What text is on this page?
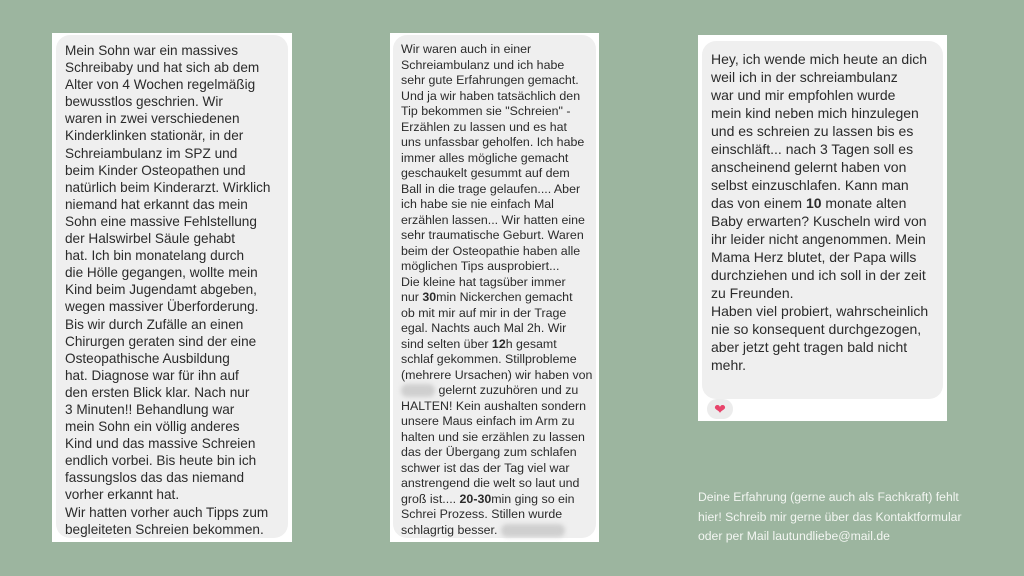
Mein Sohn war ein massives
Schreibaby und hat sich ab dem
Alter von 4 Wochen regelmäßig
bewusstlos geschrien. Wir
waren in zwei verschiedenen
Kinderklinken stationär, in der
Schreiambulanz im SPZ und
beim Kinder Osteopathen und
natürlich beim Kinderarzt. Wirklich
niemand hat erkannt das mein
Sohn eine massive Fehlstellung
der Halswirbel Säule gehabt
hat. Ich bin monatelang durch
die Hölle gegangen, wollte mein
Kind beim Jugendamt abgeben,
wegen massiver Überforderung.
Bis wir durch Zufälle an einen
Chirurgen geraten sind der eine
Osteopathische Ausbildung
hat. Diagnose war für ihn auf
den ersten Blick klar. Nach nur
3 Minuten!! Behandlung war
mein Sohn ein völlig anderes
Kind und das massive Schreien
endlich vorbei. Bis heute bin ich
fassungslos das das niemand
vorher erkannt hat.
Wir hatten vorher auch Tipps zum
begleiteten Schreien bekommen.
Wir waren auch in einer
Schreiambulanz und ich habe
sehr gute Erfahrungen gemacht.
Und ja wir haben tatsächlich den
Tip bekommen sie "Schreien" -
Erzählen zu lassen und es hat
uns unfassbar geholfen. Ich habe
immer alles mögliche gemacht
geschaukelt gesummt auf dem
Ball in die trage gelaufen.... Aber
ich habe sie nie einfach Mal
erzählen lassen... Wir hatten eine
sehr traumatische Geburt. Waren
beim der Osteopathie haben alle
möglichen Tips ausprobiert...
Die kleine hat tagsüber immer
nur 30min Nickerchen gemacht
ob mit mir auf mir in der Trage
egal. Nachts auch Mal 2h. Wir
sind selten über 12h gesamt
schlaf gekommen. Stillprobleme
(mehrere Ursachen) wir haben von
gelernt zuzuhören und zu
HALTEN! Kein aushalten sondern
unsere Maus einfach im Arm zu
halten und sie erzählen zu lassen
das der Übergang zum schlafen
schwer ist das der Tag viel war
anstrengend die welt so laut und
groß ist.... 20-30min ging so ein
Schrei Prozess. Stillen wurde
schlagrtig besser.
Hey, ich wende mich heute an dich
weil ich in der schreiambulanz
war und mir empfohlen wurde
mein kind neben mich hinzulegen
und es schreien zu lassen bis es
einschläft... nach 3 Tagen soll es
anscheinend gelernt haben von
selbst einzuschlafen. Kann man
das von einem 10 monate alten
Baby erwarten? Kuscheln wird von
ihr leider nicht angenommen. Mein
Mama Herz blutet, der Papa wills
durchziehen und ich soll in der zeit
zu Freunden.
Haben viel probiert, wahrscheinlich
nie so konsequent durchgezogen,
aber jetzt geht tragen bald nicht
mehr.
❤
Deine Erfahrung (gerne auch als Fachkraft) fehlt
hier! Schreib mir gerne über das Kontaktformular
oder per Mail lautundliebe@mail.de
